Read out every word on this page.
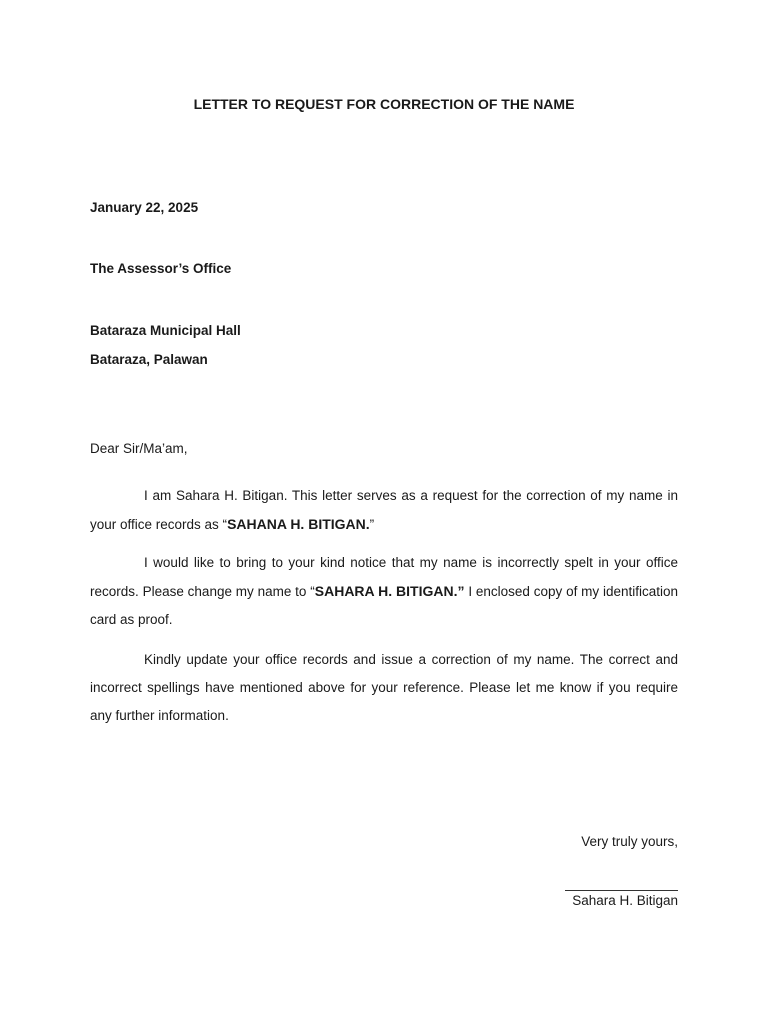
LETTER TO REQUEST FOR CORRECTION OF THE NAME
January 22, 2025
The Assessor’s Office
Bataraza Municipal Hall
Bataraza, Palawan
Dear Sir/Ma’am,

I am Sahara H. Bitigan. This letter serves as a request for the correction of my name in your office records as “SAHANA H. BITIGAN.”

I would like to bring to your kind notice that my name is incorrectly spelt in your office records. Please change my name to “SAHARA H. BITIGAN.” I enclosed copy of my identification card as proof.

Kindly update your office records and issue a correction of my name. The correct and incorrect spellings have mentioned above for your reference. Please let me know if you require any further information.

Very truly yours,
Sahara H. Bitigan
